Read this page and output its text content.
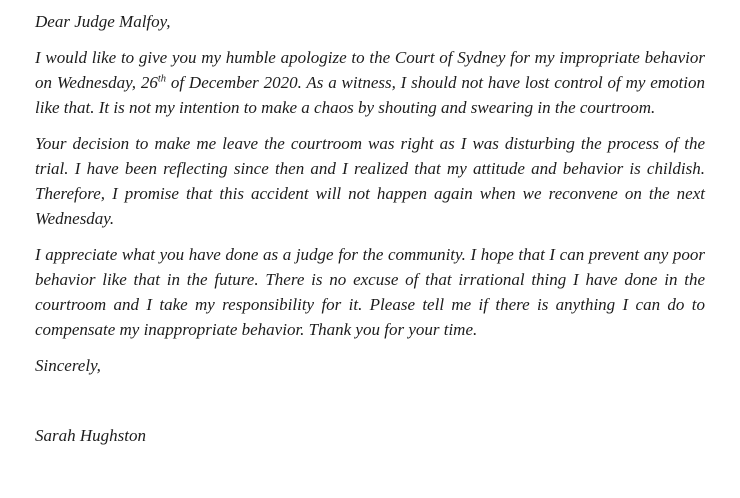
Dear Judge Malfoy,

I would like to give you my humble apologize to the Court of Sydney for my impropriate behavior on Wednesday, 26th of December 2020. As a witness, I should not have lost control of my emotion like that. It is not my intention to make a chaos by shouting and swearing in the courtroom.

Your decision to make me leave the courtroom was right as I was disturbing the process of the trial. I have been reflecting since then and I realized that my attitude and behavior is childish. Therefore, I promise that this accident will not happen again when we reconvene on the next Wednesday.

I appreciate what you have done as a judge for the community. I hope that I can prevent any poor behavior like that in the future. There is no excuse of that irrational thing I have done in the courtroom and I take my responsibility for it. Please tell me if there is anything I can do to compensate my inappropriate behavior. Thank you for your time.

Sincerely,

Sarah Hughston
